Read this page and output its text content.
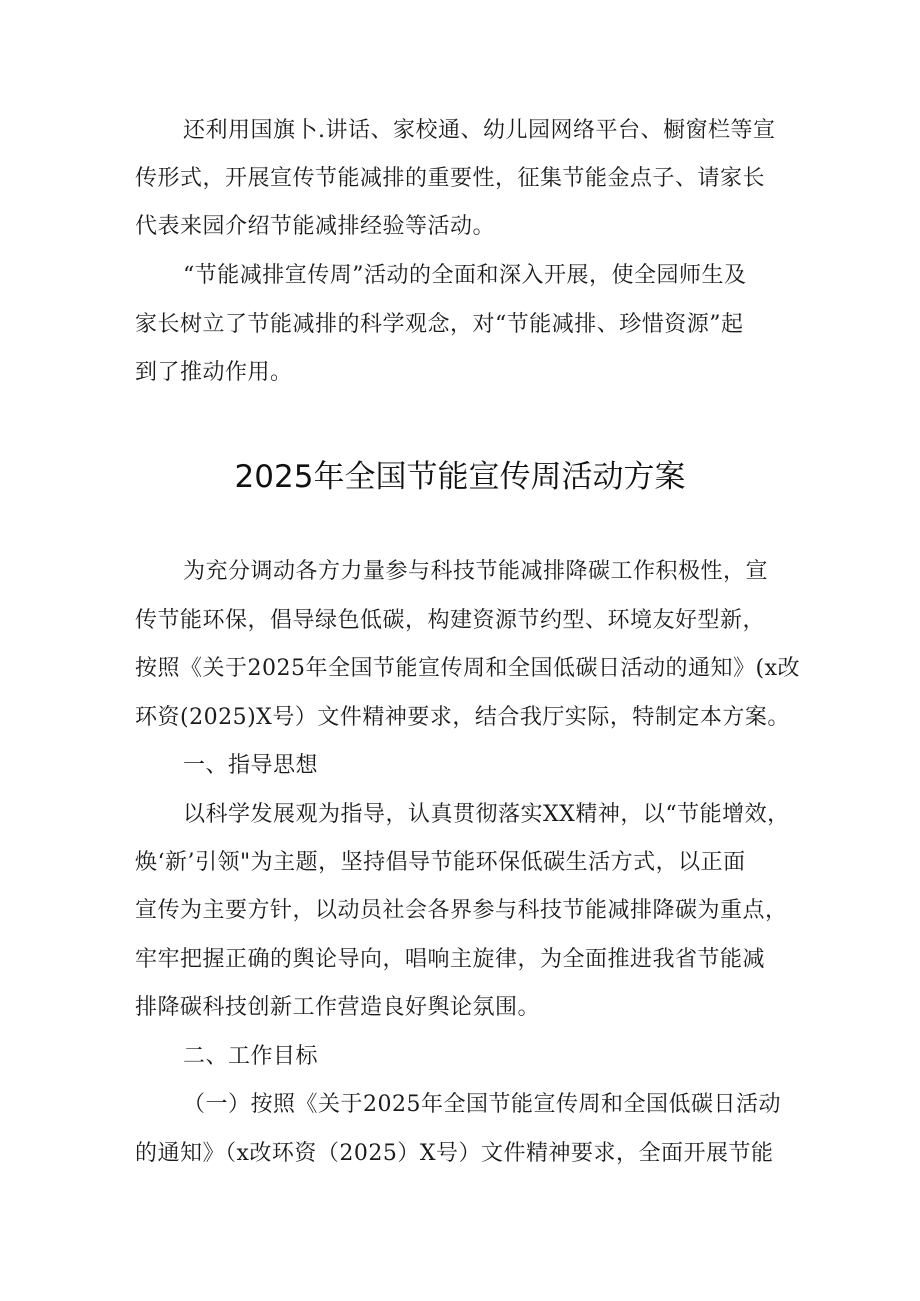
还利用国旗卜.讲话、家校通、幼儿园网络平台、橱窗栏等宣
传形式，开展宣传节能减排的重要性，征集节能金点子、请家长
代表来园介绍节能减排经验等活动。
“节能减排宣传周”活动的全面和深入开展，使全园师生及
家长树立了节能减排的科学观念，对“节能减排、珍惜资源”起
到了推动作用。
2025年全国节能宣传周活动方案
为充分调动各方力量参与科技节能减排降碳工作积极性，宣
传节能环保，倡导绿色低碳，构建资源节约型、环境友好型新，
按照《关于2025年全国节能宣传周和全国低碳日活动的通知》(x改
环资(2025)X号）文件精神要求，结合我厅实际，特制定本方案。
一、指导思想
以科学发展观为指导，认真贯彻落实XX精神，以“节能增效，
焕‘新’引领"为主题，坚持倡导节能环保低碳生活方式，以正面
宣传为主要方针，以动员社会各界参与科技节能减排降碳为重点，
牢牢把握正确的舆论导向，唱响主旋律，为全面推进我省节能减
排降碳科技创新工作营造良好舆论氛围。
二、工作目标
（一）按照《关于2025年全国节能宣传周和全国低碳日活动
的通知》（x改环资（2025）X号）文件精神要求，全面开展节能
